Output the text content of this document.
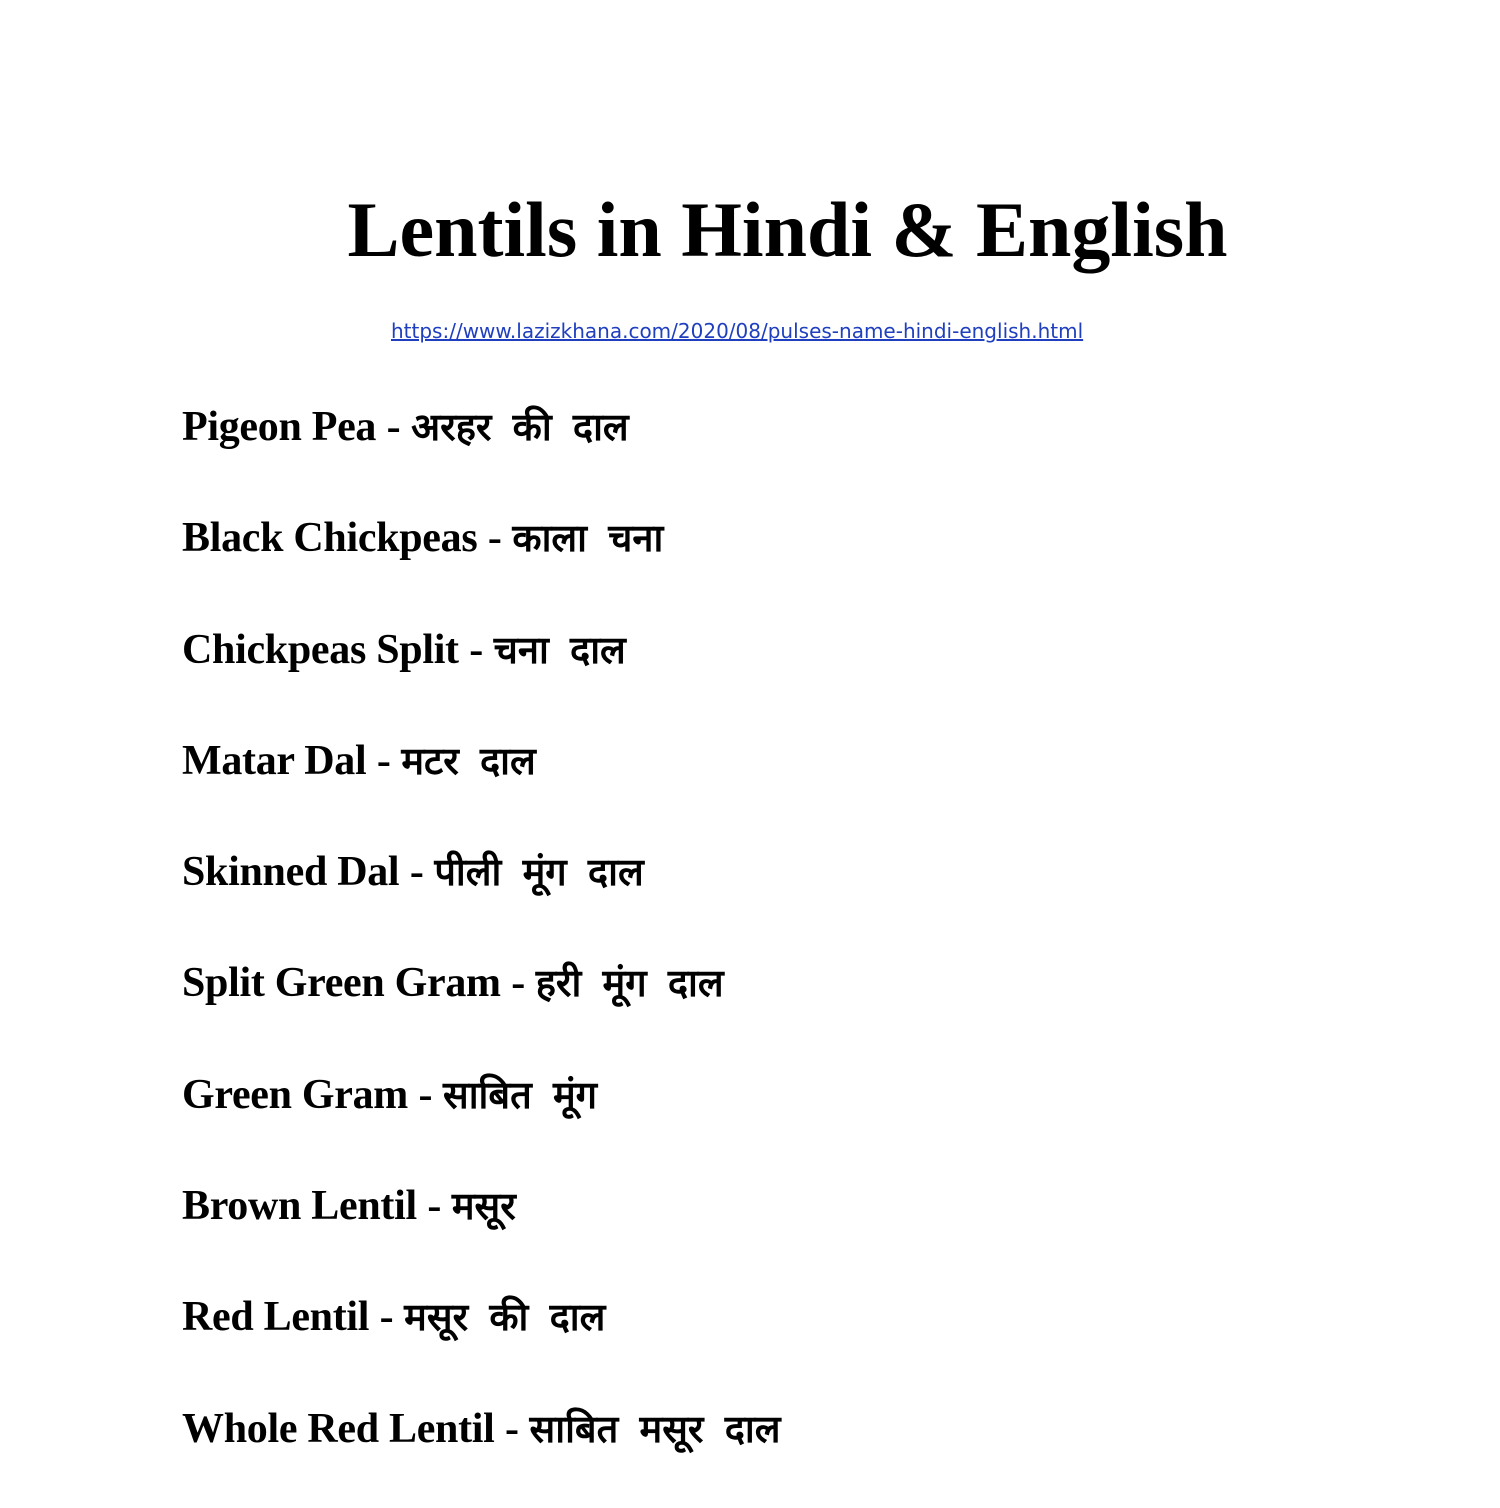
Lentils in Hindi & English
https://www.lazizkhana.com/2020/08/pulses-name-hindi-english.html
Pigeon Pea - अरहर की दाल
Black Chickpeas - काला चना
Chickpeas Split - चना दाल
Matar Dal - मटर दाल
Skinned Dal - पीली मूंग दाल
Split Green Gram - हरी मूंग दाल
Green Gram - साबित मूंग
Brown Lentil - मसूर
Red Lentil - मसूर की दाल
Whole Red Lentil - साबित मसूर दाल
